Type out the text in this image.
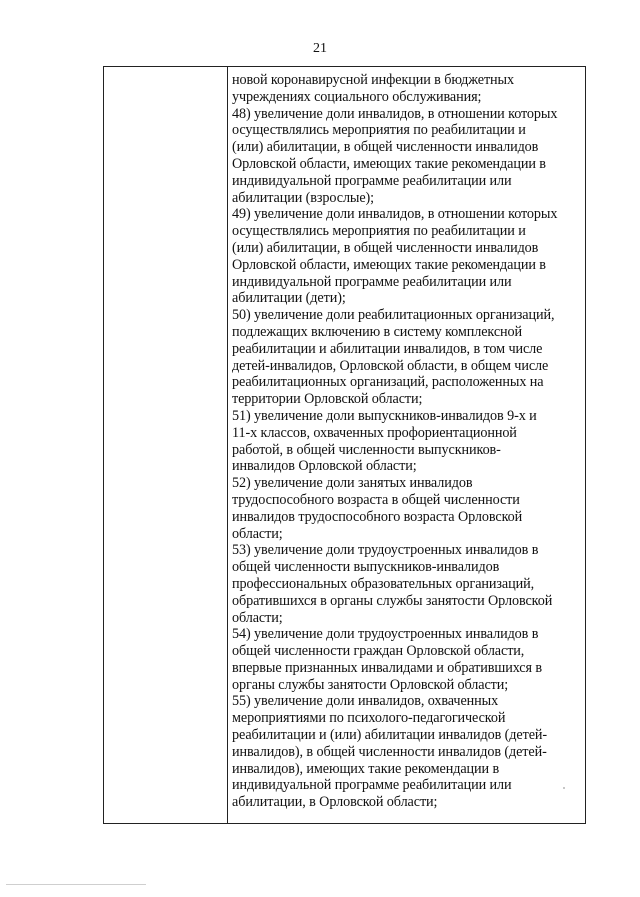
21
новой коронавирусной инфекции в бюджетных
учреждениях социального обслуживания;
48) увеличение доли инвалидов, в отношении которых
осуществлялись мероприятия по реабилитации и
(или) абилитации, в общей численности инвалидов
Орловской области, имеющих такие рекомендации в
индивидуальной программе реабилитации или
абилитации (взрослые);
49) увеличение доли инвалидов, в отношении которых
осуществлялись мероприятия по реабилитации и
(или) абилитации, в общей численности инвалидов
Орловской области, имеющих такие рекомендации в
индивидуальной программе реабилитации или
абилитации (дети);
50) увеличение доли реабилитационных организаций,
подлежащих включению в систему комплексной
реабилитации и абилитации инвалидов, в том числе
детей-инвалидов, Орловской области, в общем числе
реабилитационных организаций, расположенных на
территории Орловской области;
51) увеличение доли выпускников-инвалидов 9-х и
11-х классов, охваченных профориентационной
работой, в общей численности выпускников-
инвалидов Орловской области;
52) увеличение доли занятых инвалидов
трудоспособного возраста в общей численности
инвалидов трудоспособного возраста Орловской
области;
53) увеличение доли трудоустроенных инвалидов в
общей численности выпускников-инвалидов
профессиональных образовательных организаций,
обратившихся в органы службы занятости Орловской
области;
54) увеличение доли трудоустроенных инвалидов в
общей численности граждан Орловской области,
впервые признанных инвалидами и обратившихся в
органы службы занятости Орловской области;
55) увеличение доли инвалидов, охваченных
мероприятиями по психолого-педагогической
реабилитации и (или) абилитации инвалидов (детей-
инвалидов), в общей численности инвалидов (детей-
инвалидов), имеющих такие рекомендации в
индивидуальной программе реабилитации или
абилитации, в Орловской области;
